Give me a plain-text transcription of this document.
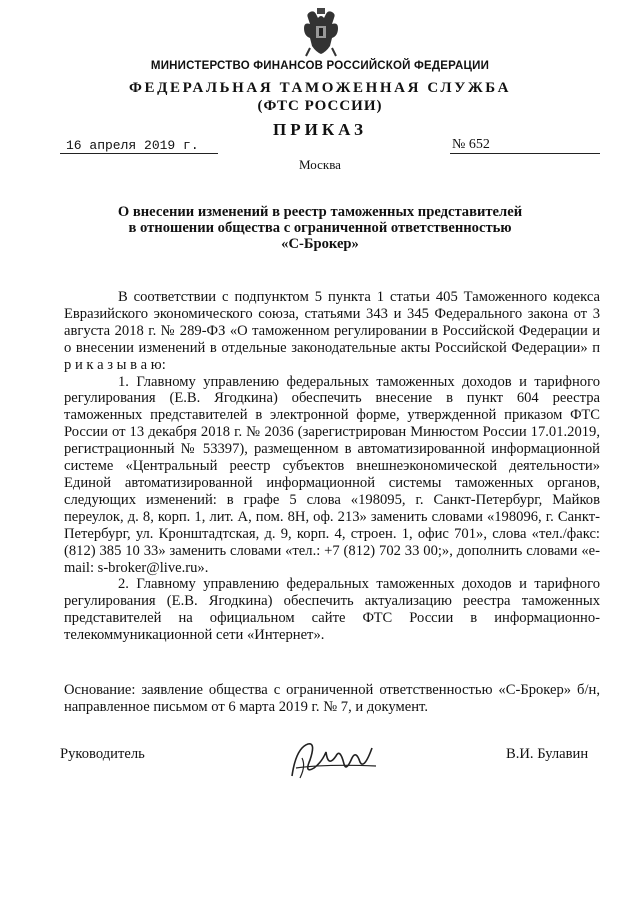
МИНИСТЕРСТВО ФИНАНСОВ РОССИЙСКОЙ ФЕДЕРАЦИИ
ФЕДЕРАЛЬНАЯ ТАМОЖЕННАЯ СЛУЖБА
(ФТС РОССИИ)
ПРИКАЗ
16 апреля 2019 г.	№ 652
Москва
О внесении изменений в реестр таможенных представителей
в отношении общества с ограниченной ответственностью
«С-Брокер»

В соответствии с подпунктом 5 пункта 1 статьи 405 Таможенного кодекса Евразийского экономического союза, статьями 343 и 345 Федерального закона от 3 августа 2018 г. № 289-ФЗ «О таможенном регулировании в Российской Федерации и о внесении изменений в отдельные законодательные акты Российской Федерации» п р и к а з ы в а ю:

1. Главному управлению федеральных таможенных доходов и тарифного регулирования (Е.В. Ягодкина) обеспечить внесение в пункт 604 реестра таможенных представителей в электронной форме, утвержденной приказом ФТС России от 13 декабря 2018 г. № 2036 (зарегистрирован Минюстом России 17.01.2019, регистрационный № 53397), размещенном в автоматизированной информационной системе «Центральный реестр субъектов внешнеэкономической деятельности» Единой автоматизированной информационной системы таможенных органов, следующих изменений: в графе 5 слова «198095, г. Санкт-Петербург, Майков переулок, д. 8, корп. 1, лит. А, пом. 8Н, оф. 213» заменить словами «198096, г. Санкт-Петербург, ул. Кронштадтская, д. 9, корп. 4, строен. 1, офис 701», слова «тел./факс: (812) 385 10 33» заменить словами «тел.: +7 (812) 702 33 00;», дополнить словами «e-mail: s-broker@live.ru».

2. Главному управлению федеральных таможенных доходов и тарифного регулирования (Е.В. Ягодкина) обеспечить актуализацию реестра таможенных представителей на официальном сайте ФТС России в информационно-телекоммуникационной сети «Интернет».

Основание: заявление общества с ограниченной ответственностью «С-Брокер» б/н, направленное письмом от 6 марта 2019 г. № 7, и документ.
Руководитель	В.И. Булавин
